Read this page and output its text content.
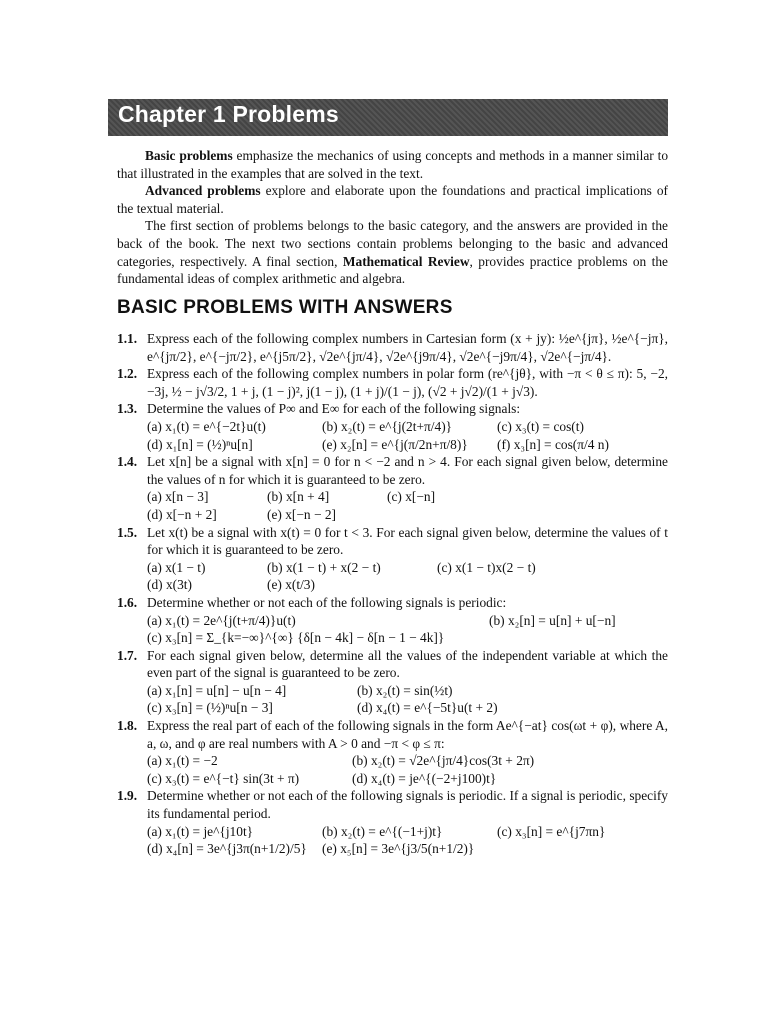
Chapter 1 Problems

Basic problems emphasize the mechanics of using concepts and methods in a manner similar to that illustrated in the examples that are solved in the text.

Advanced problems explore and elaborate upon the foundations and practical implications of the textual material.

The first section of problems belongs to the basic category, and the answers are provided in the back of the book. The next two sections contain problems belonging to the basic and advanced categories, respectively. A final section, Mathematical Review, provides practice problems on the fundamental ideas of complex arithmetic and algebra.

BASIC PROBLEMS WITH ANSWERS
1.1. Express each of the following complex numbers in Cartesian form (x + jy): ½e^{jπ}, ½e^{−jπ}, e^{jπ/2}, e^{−jπ/2}, e^{j5π/2}, √2e^{jπ/4}, √2e^{j9π/4}, √2e^{−j9π/4}, √2e^{−jπ/4}.
1.2. Express each of the following complex numbers in polar form (re^{jθ}, with −π < θ ≤ π): 5, −2, −3j, ½ − j√3/2, 1 + j, (1 − j)², j(1 − j), (1 + j)/(1 − j), (√2 + j√2)/(1 + j√3).
1.3. Determine the values of P∞ and E∞ for each of the following signals:
(a) x₁(t) = e^{−2t}u(t)	(b) x₂(t) = e^{j(2t+π/4)}	(c) x₃(t) = cos(t)
(d) x₁[n] = (½)ⁿu[n]	(e) x₂[n] = e^{j(π/2n+π/8)}	(f) x₃[n] = cos(π/4 n)
1.4. Let x[n] be a signal with x[n] = 0 for n < −2 and n > 4. For each signal given below, determine the values of n for which it is guaranteed to be zero.
(a) x[n − 3]	(b) x[n + 4]	(c) x[−n]
(d) x[−n + 2]	(e) x[−n − 2]
1.5. Let x(t) be a signal with x(t) = 0 for t < 3. For each signal given below, determine the values of t for which it is guaranteed to be zero.
(a) x(1 − t)	(b) x(1 − t) + x(2 − t)	(c) x(1 − t)x(2 − t)
(d) x(3t)	(e) x(t/3)
1.6. Determine whether or not each of the following signals is periodic:
(a) x₁(t) = 2e^{j(t+π/4)}u(t)	(b) x₂[n] = u[n] + u[−n]
(c) x₃[n] = Σ_{k=−∞}^{∞} {δ[n − 4k] − δ[n − 1 − 4k]}
1.7. For each signal given below, determine all the values of the independent variable at which the even part of the signal is guaranteed to be zero.
(a) x₁[n] = u[n] − u[n − 4]	(b) x₂(t) = sin(½t)
(c) x₃[n] = (½)ⁿu[n − 3]	(d) x₄(t) = e^{−5t}u(t + 2)
1.8. Express the real part of each of the following signals in the form Ae^{−at} cos(ωt + φ), where A, a, ω, and φ are real numbers with A > 0 and −π < φ ≤ π:
(a) x₁(t) = −2	(b) x₂(t) = √2e^{jπ/4}cos(3t + 2π)
(c) x₃(t) = e^{−t} sin(3t + π)	(d) x₄(t) = je^{(−2+j100)t}
1.9. Determine whether or not each of the following signals is periodic. If a signal is periodic, specify its fundamental period.
(a) x₁(t) = je^{j10t}	(b) x₂(t) = e^{(−1+j)t}	(c) x₃[n] = e^{j7πn}
(d) x₄[n] = 3e^{j3π(n+1/2)/5}	(e) x₅[n] = 3e^{j3/5(n+1/2)}
